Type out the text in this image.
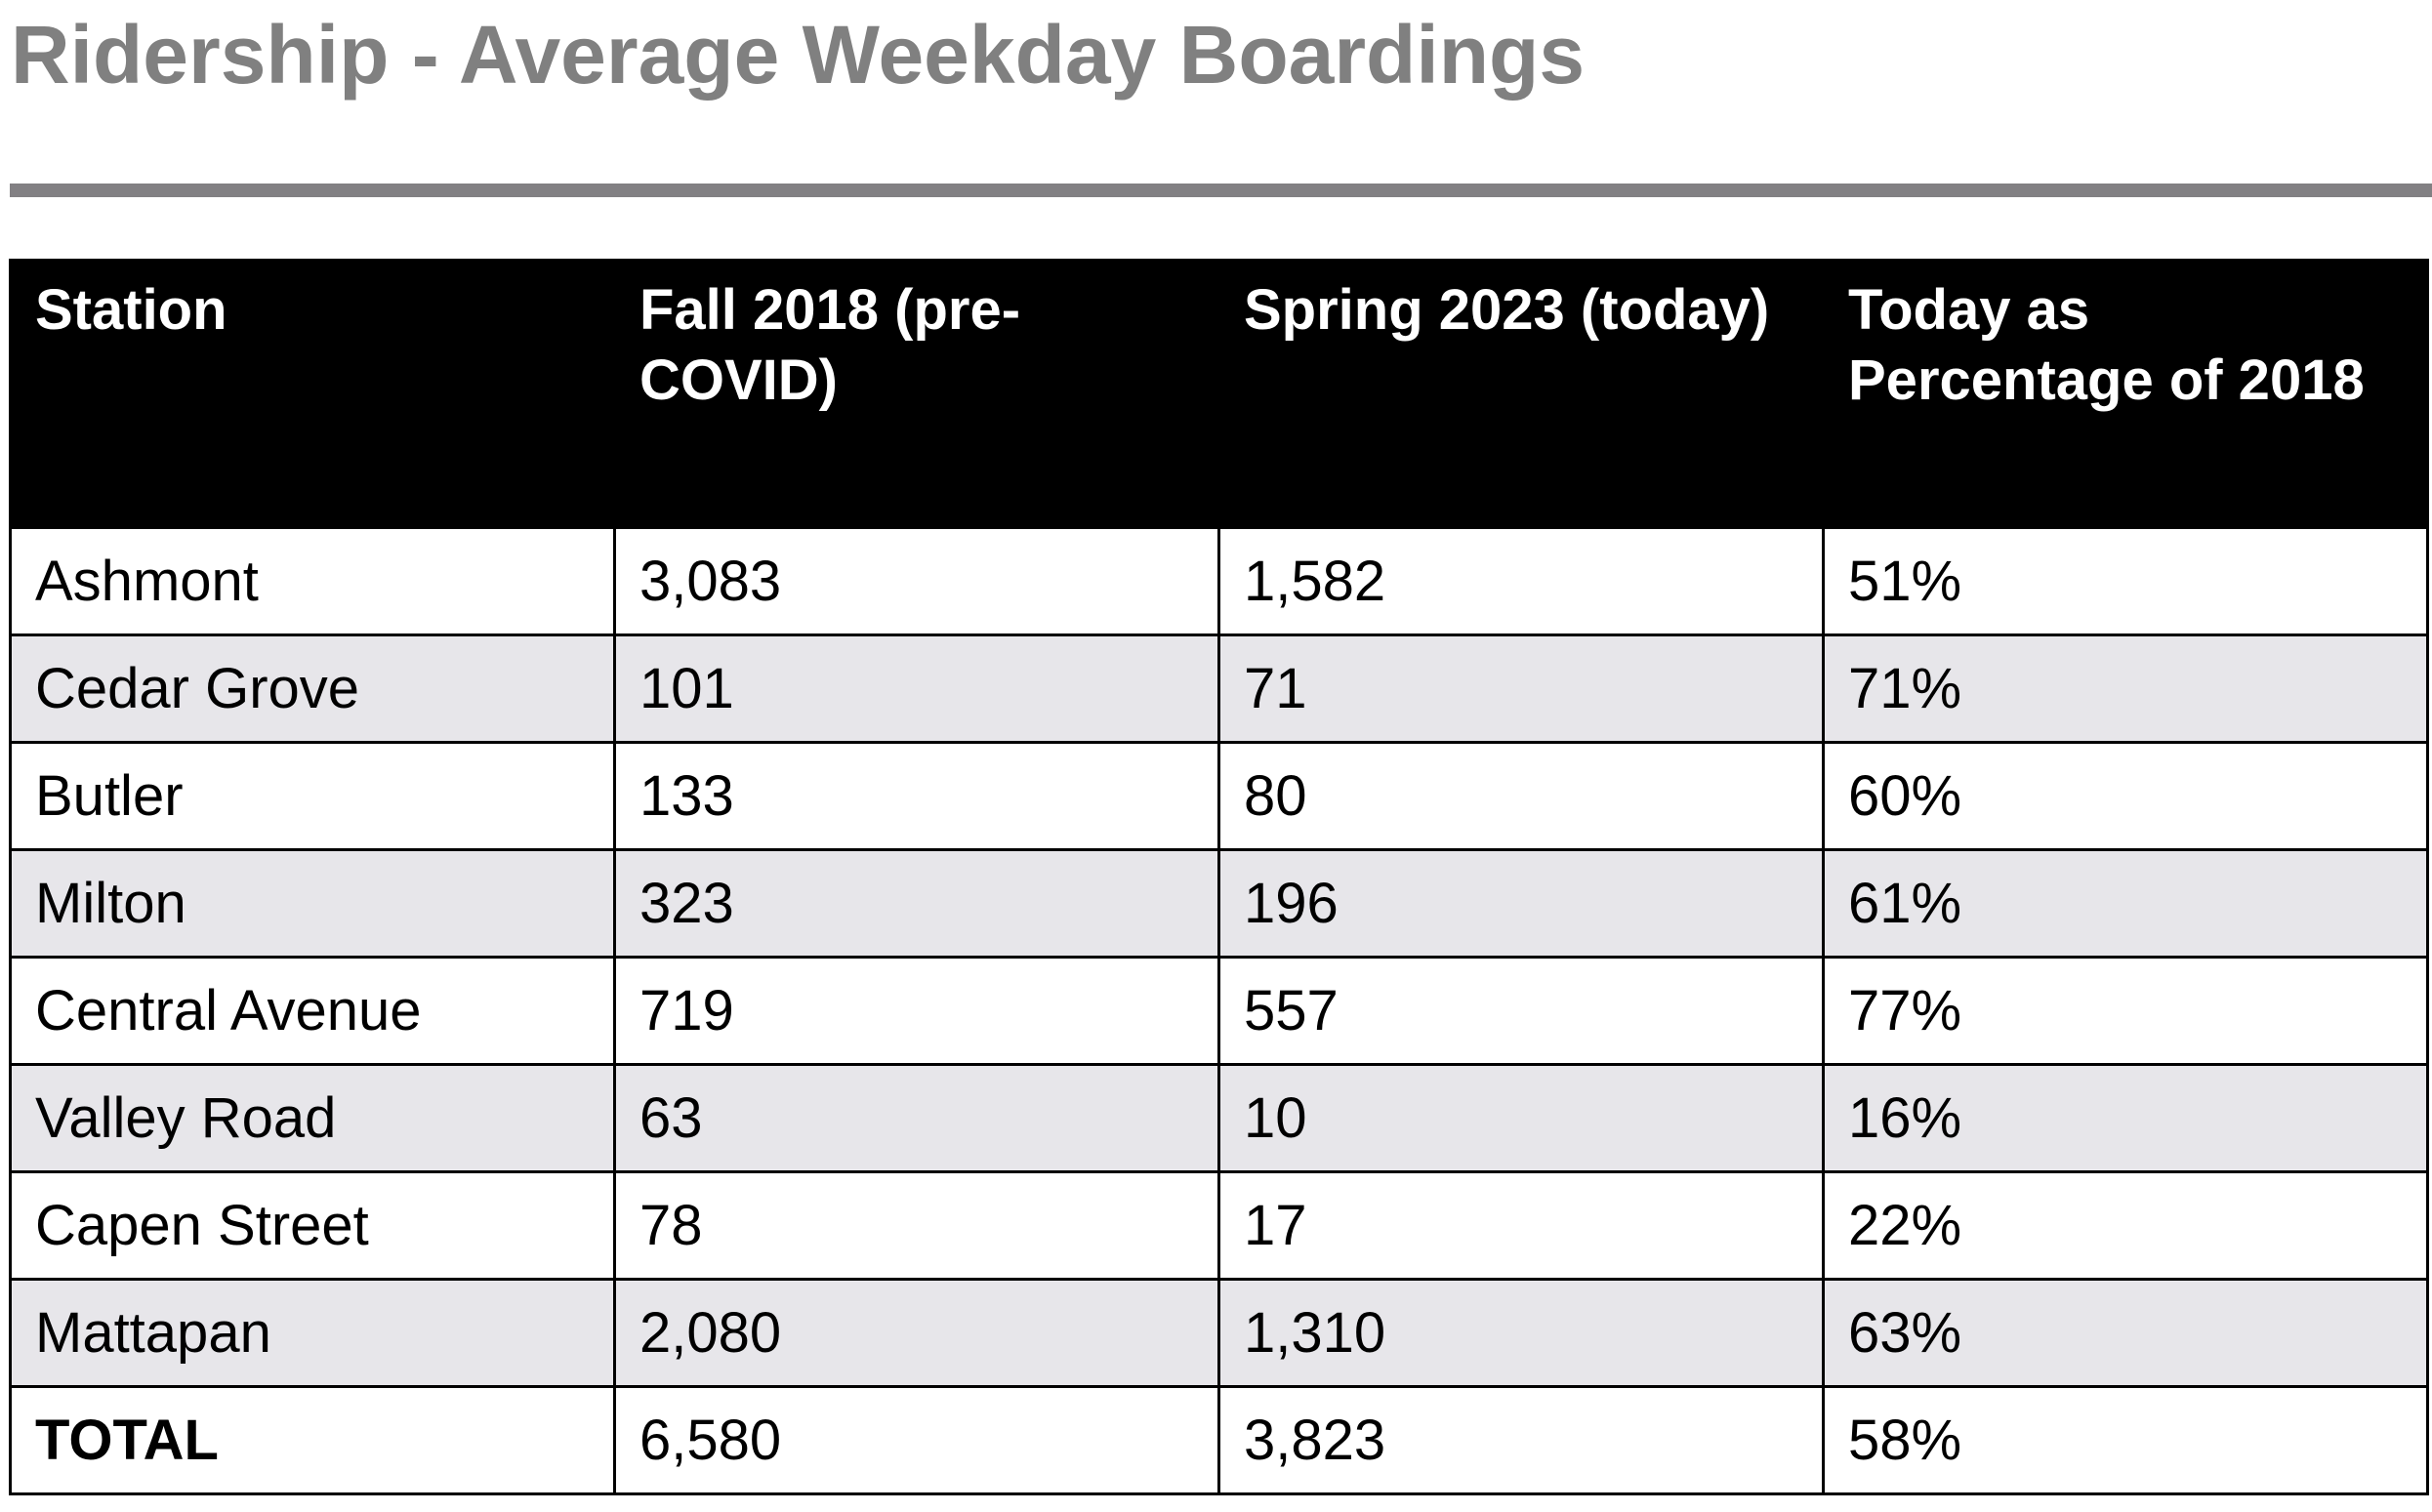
Ridership - Average Weekday Boardings
Station	Fall 2018 (pre-COVID)	Spring 2023 (today)	Today as Percentage of 2018
Ashmont	3,083	1,582	51%
Cedar Grove	101	71	71%
Butler	133	80	60%
Milton	323	196	61%
Central Avenue	719	557	77%
Valley Road	63	10	16%
Capen Street	78	17	22%
Mattapan	2,080	1,310	63%
TOTAL	6,580	3,823	58%
